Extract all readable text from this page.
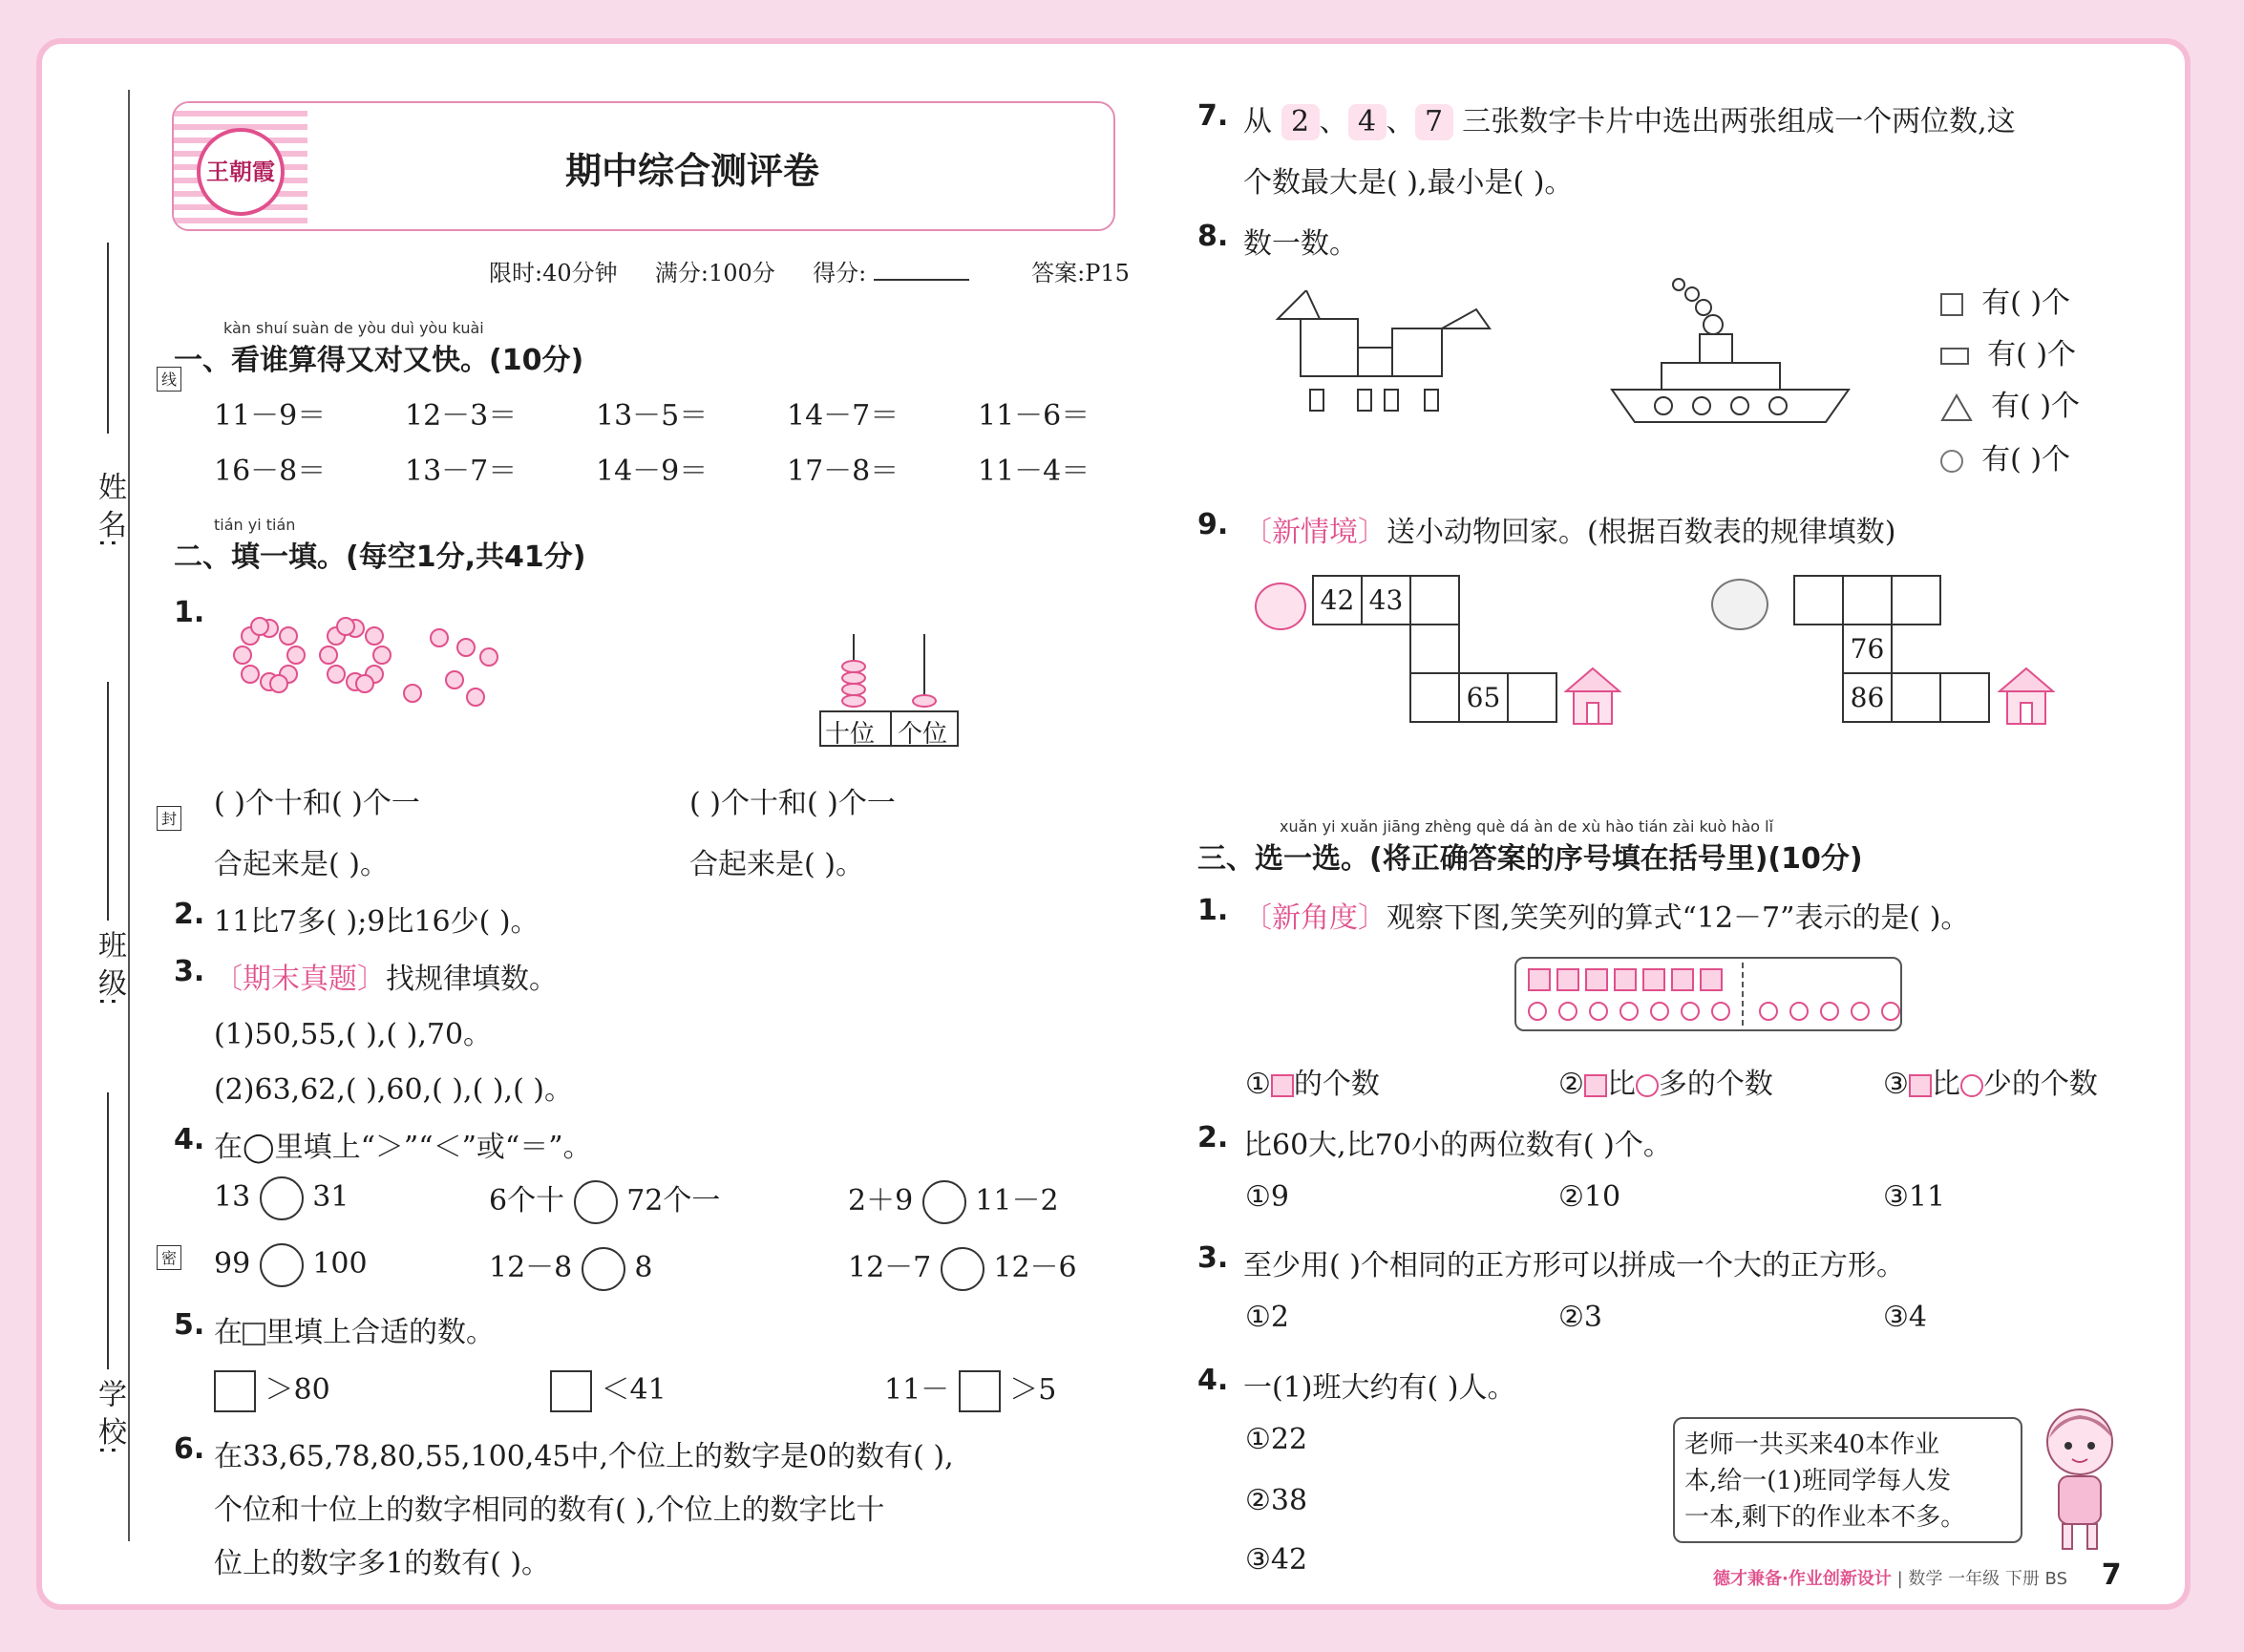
姓 名:
线
班 级:
封
学 校:
密
王朝霞	期中综合测评卷
限时:40分钟 满分:100分 得分:	答案:P15
kàn shuí suàn de yòu duì yòu kuài
一、看谁算得又对又快。(10分)
11－9＝	12－3＝	13－5＝	14－7＝	11－6＝
16－8＝	13－7＝	14－9＝	17－8＝	11－4＝
tián yi tián
二、填一填。(每空1分,共41分)
1.
十位 个位
( )个十和( )个一
合起来是( )。
( )个十和( )个一
合起来是( )。
2. 11比7多( );9比16少( )。
3. 〔期末真题〕找规律填数。
(1)50,55,( ),( ),70。
(2)63,62,( ),60,( ),( ),( )。
4. 在◯里填上“＞”“＜”或“＝”。
13 31	6个十 72个一	2＋9 11－2
99 100	12－8 8	12－7 12－6
5. 在 里填上合适的数。
＞80	＜41	11－ ＞5
6. 在33,65,78,80,55,100,45中,个位上的数字是0的数有( ),
个位和十位上的数字相同的数有( ),个位上的数字比十
位上的数字多1的数有( )。
7. 从 2 、 4 、 7 三张数字卡片中选出两张组成一个两位数,这
个数最大是( ),最小是( )。
8. 数一数。
有( )个
有( )个
有( )个
有( )个
9. 〔新情境〕送小动物回家。(根据百数表的规律填数)
42 43
65
76
86
xuǎn yi xuǎn jiāng zhèng què dá àn de xù hào tián zài kuò hào lǐ
三、选一选。(将正确答案的序号填在括号里)(10分)
1. 〔新角度〕观察下图,笑笑列的算式“12－7”表示的是( )。
① 的个数	② 比 多的个数	③ 比 少的个数
2. 比60大,比70小的两位数有( )个。
①9	②10	③11
3. 至少用( )个相同的正方形可以拼成一个大的正方形。
①2	②3	③4
4. 一(1)班大约有( )人。
①22
②38
③42
老师一共买来40本作业
本,给一(1)班同学每人发
一本,剩下的作业本不多。
德才兼备·作业创新设计 | 数学 一年级 下册 BS 7
